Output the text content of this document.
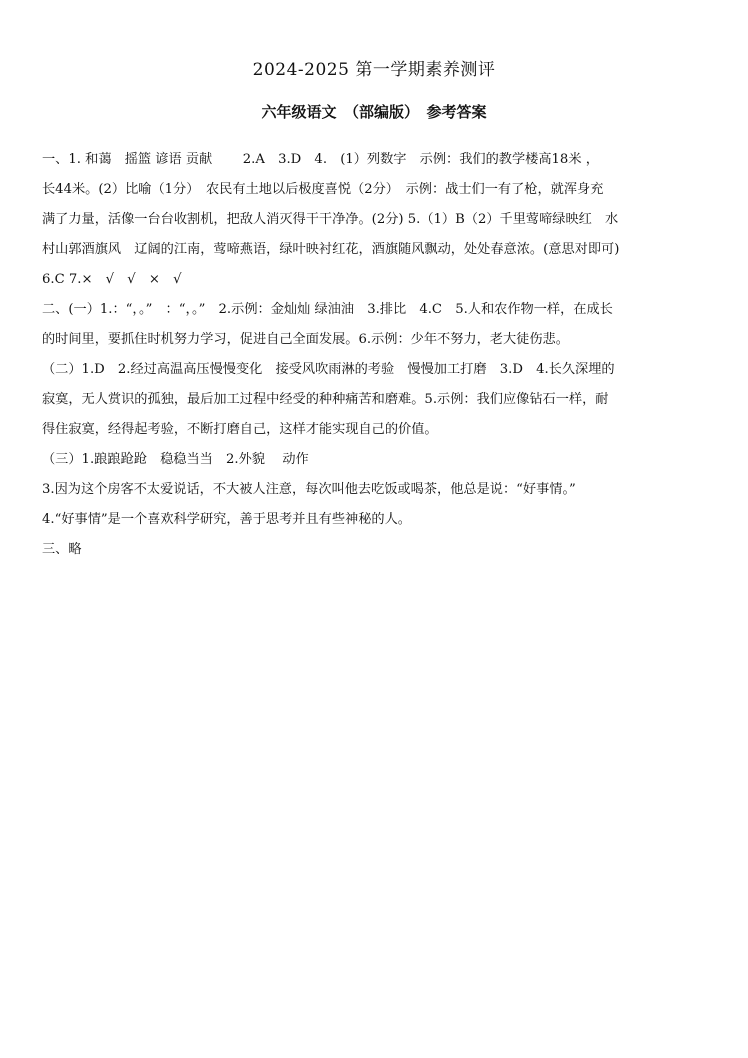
2024-2025 第一学期素养测评
六年级语文　（部编版）　参考答案
一、1. 和蔼　摇篮 谚语 贡献　　 2.A　3.D　4.　(1）列数字　示例：我们的教学楼高18米 ，
长44米。(2）比喻（1分）　农民有土地以后极度喜悦（2分）　示例：战士们一有了枪，就浑身充
满了力量，活像一台台收割机，把敌人消灭得干干净净。(2分) 5.（1）B（2）千里莺啼绿映红　水
村山郭酒旗风　辽阔的江南，莺啼燕语，绿叶映衬红花，酒旗随风飘动，处处春意浓。(意思对即可)
6.C 7.×　√　√　×　√
二、(一）1.：“，。”　：“，。”　2.示例：金灿灿 绿油油　3.排比　4.C　5.人和农作物一样，在成长
的时间里，要抓住时机努力学习，促进自己全面发展。6.示例：少年不努力，老大徒伤悲。
（二）1.D　2.经过高温高压慢慢变化　接受风吹雨淋的考验　慢慢加工打磨　3.D　4.长久深埋的
寂寞，无人赏识的孤独，最后加工过程中经受的种种痛苦和磨难。5.示例：我们应像钻石一样，耐
得住寂寞，经得起考验，不断打磨自己，这样才能实现自己的价值。
（三）1.踉踉跄跄　稳稳当当　2.外貌　 动作
3.因为这个房客不太爱说话，不大被人注意，每次叫他去吃饭或喝茶，他总是说：“好事情。”
4.“好事情”是一个喜欢科学研究，善于思考并且有些神秘的人。
三、略
